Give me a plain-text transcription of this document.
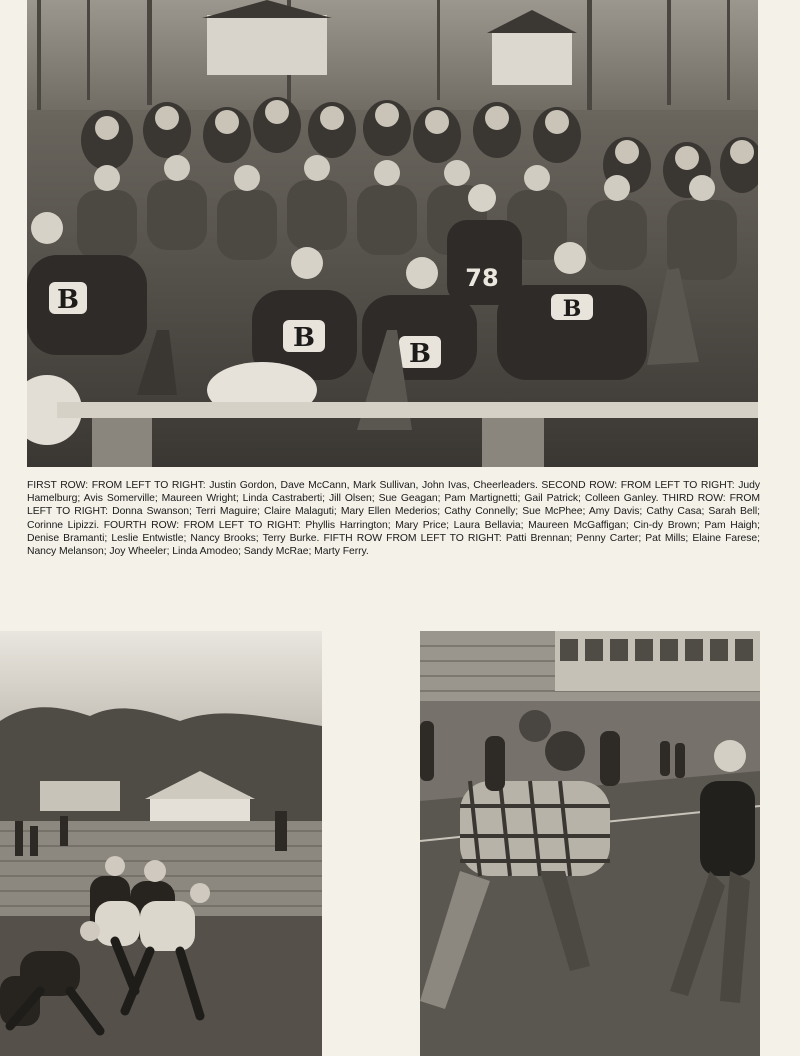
B
B
B
B
78
FIRST ROW: FROM LEFT TO RIGHT: Justin Gordon, Dave McCann, Mark Sullivan, John Ivas, Cheerleaders. SECOND ROW: FROM LEFT TO RIGHT: Judy Hamelburg; Avis Somerville; Maureen Wright; Linda Castraberti; Jill Olsen; Sue Geagan; Pam Martignetti; Gail Patrick; Colleen Ganley. THIRD ROW: FROM LEFT TO RIGHT: Donna Swanson; Terri Maguire; Claire Malaguti; Mary Ellen Mederios; Cathy Connelly; Sue McPhee; Amy Davis; Cathy Casa; Sarah Bell; Corinne Lipizzi. FOURTH ROW: FROM LEFT TO RIGHT: Phyllis Harrington; Mary Price; Laura Bellavia; Maureen McGaffigan; Cin-dy Brown; Pam Haigh; Denise Bramanti; Leslie Entwistle; Nancy Brooks; Terry Burke. FIFTH ROW FROM LEFT TO RIGHT: Patti Brennan; Penny Carter; Pat Mills; Elaine Farese; Nancy Melanson; Joy Wheeler; Linda Amodeo; Sandy McRae; Marty Ferry.
